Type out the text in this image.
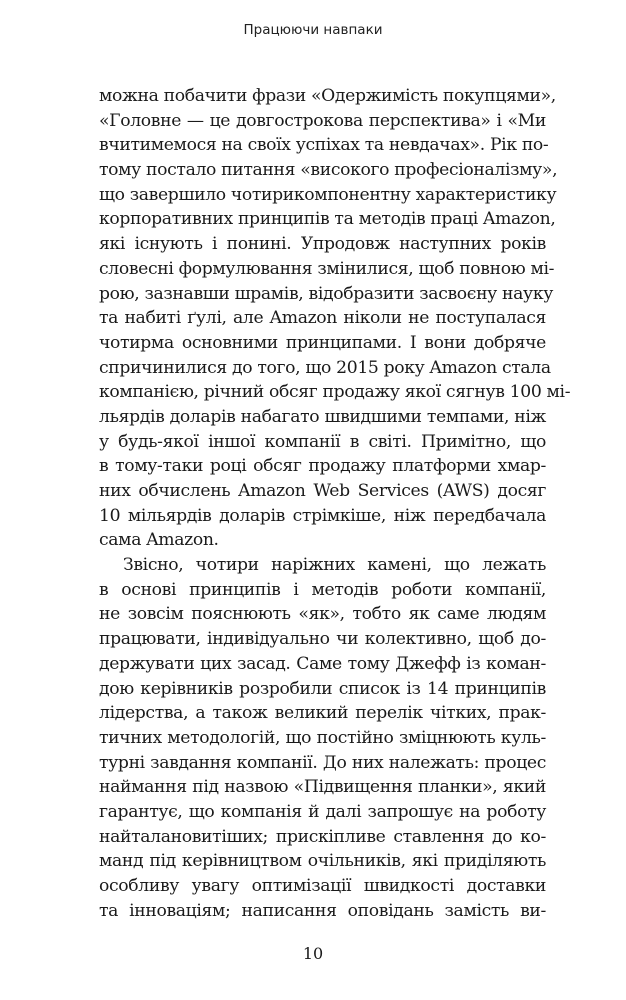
Працюючи навпаки
можна побачити фрази «Одержимість покупцями»,
«Головне — це довгострокова перспектива» і «Ми
вчитимемося на своїх успіхах та невдачах». Рік по-
тому постало питання «високого професіоналізму»,
що завершило чотирикомпонентну характеристику
корпоративних принципів та методів праці Amazon,
які існують і понині. Упродовж наступних років
словесні формулювання змінилися, щоб повною мі-
рою, зазнавши шрамів, відобразити засвоєну науку
та набиті ґулі, але Amazon ніколи не поступалася
чотирма основними принципами. І вони добряче
спричинилися до того, що 2015 року Amazon стала
компанією, річний обсяг продажу якої сягнув 100 мі-
льярдів доларів набагато швидшими темпами, ніж
у будь-якої іншої компанії в світі. Примітно, що
в тому-таки році обсяг продажу платформи хмар-
них обчислень Amazon Web Services (AWS) досяг
10 мільярдів доларів стрімкіше, ніж передбачала
сама Amazon.
Звісно, чотири наріжних камені, що лежать
в основі принципів і методів роботи компанії,
не зовсім пояснюють «як», тобто як саме людям
працювати, індивідуально чи колективно, щоб до-
держувати цих засад. Саме тому Джефф із коман-
дою керівників розробили список із 14 принципів
лідерства, а також великий перелік чітких, прак-
тичних методологій, що постійно зміцнюють куль-
турні завдання компанії. До них належать: процес
наймання під назвою «Підвищення планки», який
гарантує, що компанія й далі запрошує на роботу
найталановитіших; прискіпливе ставлення до ко-
манд під керівництвом очільників, які приділяють
особливу увагу оптимізації швидкості доставки
та інноваціям; написання оповідань замість ви-
10
